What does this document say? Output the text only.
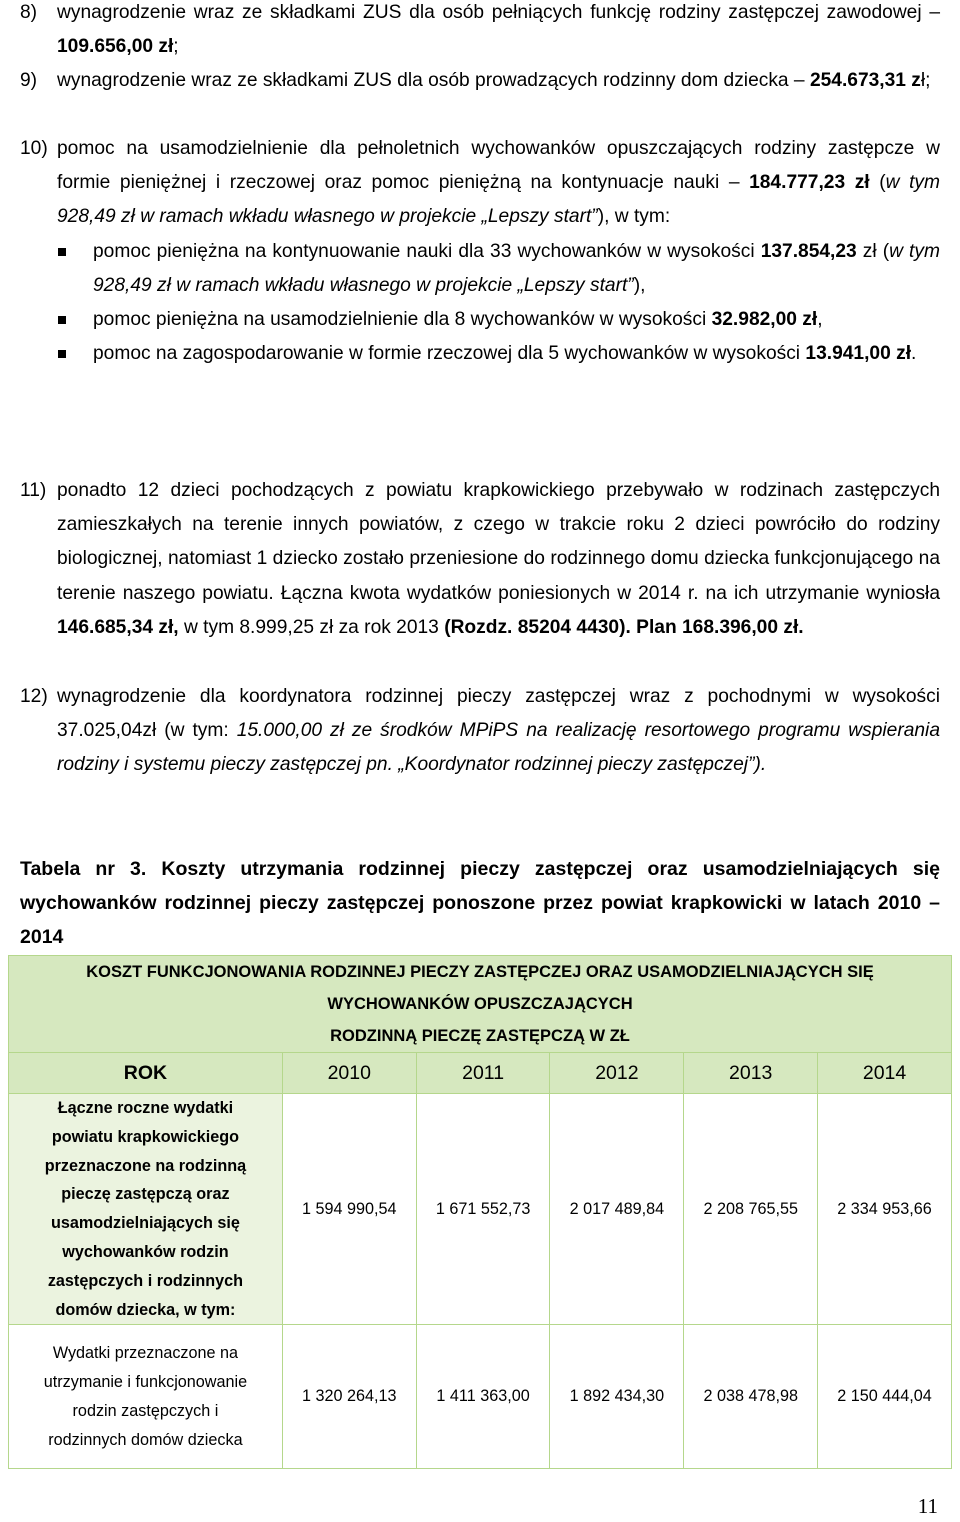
8) wynagrodzenie wraz ze składkami ZUS dla osób pełniących funkcję rodziny zastępczej zawodowej – 109.656,00 zł;
9) wynagrodzenie wraz ze składkami ZUS dla osób prowadzących rodzinny dom dziecka – 254.673,31 zł;
10) pomoc na usamodzielnienie dla pełnoletnich wychowanków opuszczających rodziny zastępcze w formie pieniężnej i rzeczowej oraz pomoc pieniężną na kontynuacje nauki – 184.777,23 zł (w tym 928,49 zł w ramach wkładu własnego w projekcie „Lepszy start”), w tym:
pomoc pieniężna na kontynuowanie nauki dla 33 wychowanków w wysokości 137.854,23 zł (w tym 928,49 zł w ramach wkładu własnego w projekcie „Lepszy start”),
pomoc pieniężna na usamodzielnienie dla 8 wychowanków w wysokości 32.982,00 zł,
pomoc na zagospodarowanie w formie rzeczowej dla 5 wychowanków w wysokości 13.941,00 zł.
11) ponadto 12 dzieci pochodzących z powiatu krapkowickiego przebywało w rodzinach zastępczych zamieszkałych na terenie innych powiatów, z czego w trakcie roku 2 dzieci powróciło do rodziny biologicznej, natomiast 1 dziecko zostało przeniesione do rodzinnego domu dziecka funkcjonującego na terenie naszego powiatu. Łączna kwota wydatków poniesionych w 2014 r. na ich utrzymanie wyniosła 146.685,34 zł, w tym 8.999,25 zł za rok 2013 (Rozdz. 85204 4430). Plan 168.396,00 zł.
12) wynagrodzenie dla koordynatora rodzinnej pieczy zastępczej wraz z pochodnymi w wysokości 37.025,04zł (w tym: 15.000,00 zł ze środków MPiPS na realizację resortowego programu wspierania rodziny i systemu pieczy zastępczej pn. „Koordynator rodzinnej pieczy zastępczej”).
Tabela nr 3. Koszty utrzymania rodzinnej pieczy zastępczej oraz usamodzielniających się wychowanków rodzinnej pieczy zastępczej ponoszone przez powiat krapkowicki w latach 2010 – 2014
KOSZT FUNKCJONOWANIA RODZINNEJ PIECZY ZASTĘPCZEJ ORAZ USAMODZIELNIAJĄCYCH SIĘ
WYCHOWANKÓW OPUSZCZAJĄCYCH
RODZINNĄ PIECZĘ ZASTĘPCZĄ W ZŁ					

ROK	2010	2011	2012	2013	2014
Łączne roczne wydatki powiatu krapkowickiego przeznaczone na rodzinną pieczę zastępczą oraz usamodzielniających się wychowanków rodzin zastępczych i rodzinnych domów dziecka, w tym:	1 594 990,54	1 671 552,73	2 017 489,84	2 208 765,55	2 334 953,66
Wydatki przeznaczone na utrzymanie i funkcjonowanie rodzin zastępczych i rodzinnych domów dziecka	1 320 264,13	1 411 363,00	1 892 434,30	2 038 478,98	2 150 444,04
11
